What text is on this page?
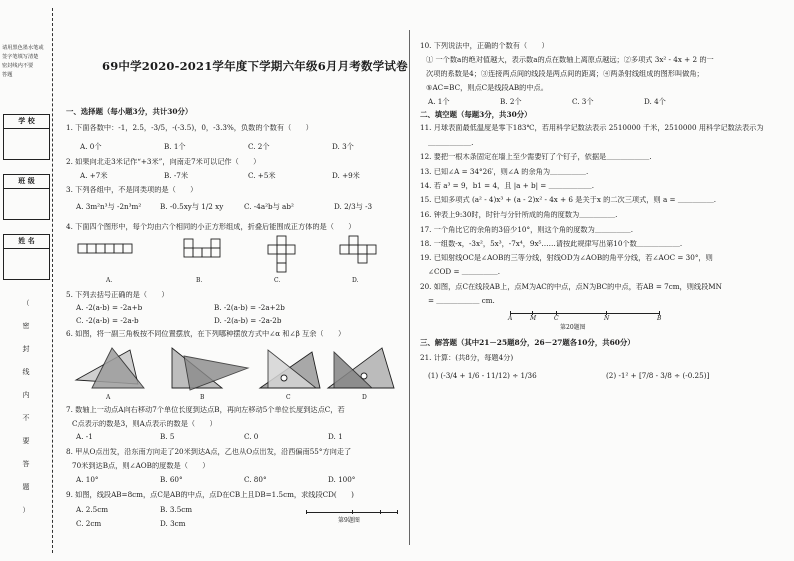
请用黑色墨水笔或
签字笔填写清楚
密封线内不要
答题
学 校
班 级
姓 名
（
密
封
线
内
不
要
答
题
）
69中学2020-2021学年度下学期六年级6月月考数学试卷
一、选择题（每小题3分，共计30分）
1. 下面各数中：-1，2.5，-3/5，-(-3.5)，0，-3.3%，负数的个数有（　　）
A. 0个	B. 1个	C. 2个	D. 3个
2. 如果向北走3米记作“+3米”，向南走7米可以记作（　　）
A. +7米	B. -7米	C. +5米	D. +9米
3. 下列各组中，不是同类项的是（　　）
A. 3m²n³与 -2n³m²	B. -0.5xy与 1/2 xy	C. -4a²b与 ab²	D. 2/3与 -3
4. 下面四个图形中，每个均由六个相同的小正方形组成，折叠后能围成正方体的是（　　）
A.	B.	C.	D.
5. 下列去括号正确的是（　　）
A. -2(a-b) = -2a+b	B. -2(a-b) = -2a+2b
C. -2(a-b) = -2a-b	D. -2(a-b) = -2a-2b
6. 如图，将一副三角板按不同位置摆放，在下列哪种摆放方式中∠α 和∠β 互余（　　）
A	B	C	D
7. 数轴上一动点A向右移动7个单位长度到达点B，再向左移动5个单位长度到达点C，若
C点表示的数是3，则A点表示的数是（　　）
A. -1	B. 5	C. 0	D. 1
8. 甲从O点出发，沿东南方向走了20米到达A点，乙也从O点出发，沿西偏南55°方向走了
70米到达B点，则∠AOB的度数是（　　）
A. 10°	B. 60°	C. 80°	D. 100°
9. 如图，线段AB=8cm，点C是AB的中点，点D在CB上且DB=1.5cm，求线段CD(　　)
A. 2.5cm	B. 3.5cm
C. 2cm	D. 3cm	第9题图
10. 下列说法中，正确的个数有（　　）
① 一个数a的绝对值越大，表示数a的点在数轴上离原点越远；②多项式 3x² - 4x + 2 的一
次项的系数是4；③连接两点间的线段是两点间的距离；④两条射线组成的图形叫做角；
⑤AC=BC，则点C是线段AB的中点。
A. 1个	B. 2个	C. 3个	D. 4个
二、填空题（每题3分，共30分）
11. 月球表面最低温度是零下183℃，若用科学记数法表示 2510000 千米，2510000 用科学记数法表示为
＿＿＿＿＿＿.
12. 要把一根木条固定在墙上至少需要钉了个钉子，依据是＿＿＿＿＿＿.
13. 已知∠A = 34°26′，则∠A 的余角为＿＿＿＿＿.
14. 若 a³ = 9，b1 = 4，且 |a + b| = ＿＿＿＿＿＿.
15. 已知多项式 (a² - 4)x³ + (a - 2)x² - 4x + 6 是关于x 的二次三项式，则 a = ＿＿＿＿＿.
16. 钟表上9:30时，时针与分针所成的角的度数为＿＿＿＿＿.
17. 一个角比它的余角的3倍少10°，则这个角的度数为＿＿＿＿＿.
18. 一组数-x，-3x²，5x³，-7x⁴，9x⁵……请按此规律写出第10个数＿＿＿＿＿＿.
19. 已知射线OC是∠AOB的三等分线，射线OD为∠AOB的角平分线，若∠AOC = 30°，则
∠COD = ＿＿＿＿＿.
20. 如图，点C在线段AB上，点M为AC的中点，点N为BC的中点，若AB = 7cm，则线段MN
= ＿＿＿＿＿＿ cm.
A	M	C	N	B
第20题图
三、解答题（其中21－25题8分，26－27题各10分，共60分）
21. 计算：(共8分，每题4分)
(1) (-3/4 + 1/6 - 11/12) ÷ 1/36	(2) -1² + [7/8 - 3/8 ÷ (-0.25)]
